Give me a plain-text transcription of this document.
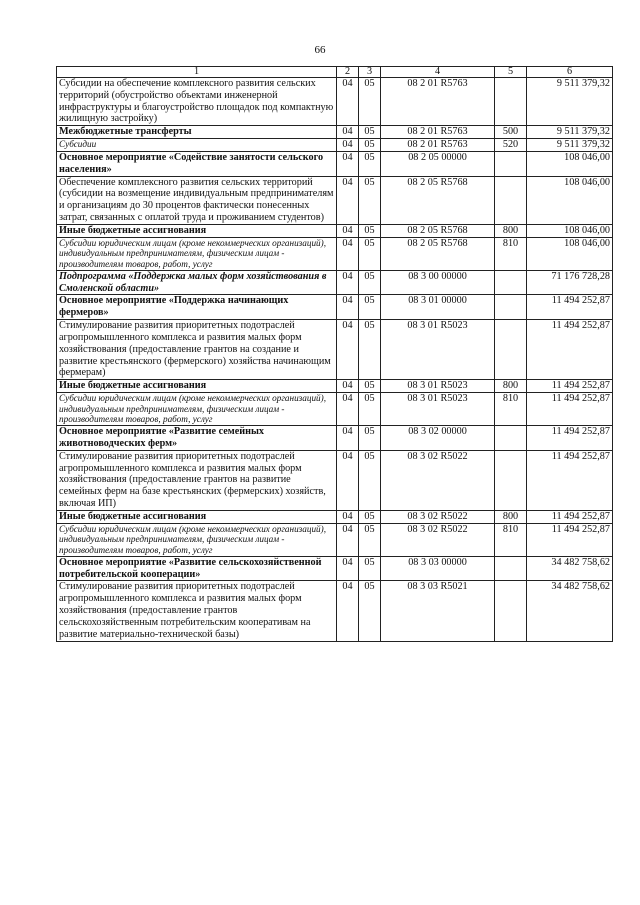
66
1	2	3	4	5	6
Субсидии на обеспечение комплексного развития сельских территорий (обустройство объектами инженерной инфраструктуры и благоустройство площадок под компактную жилищную застройку)	04	05	08 2 01 R5763		9 511 379,32
Межбюджетные трансферты	04	05	08 2 01 R5763	500	9 511 379,32
Субсидии	04	05	08 2 01 R5763	520	9 511 379,32
Основное мероприятие «Содействие занятости сельского населения»	04	05	08 2 05 00000		108 046,00
Обеспечение комплексного развития сельских территорий (субсидии на возмещение индивидуальным предпринимателям и организациям до 30 процентов фактически понесенных затрат, связанных с оплатой труда и проживанием студентов)	04	05	08 2 05 R5768		108 046,00
Иные бюджетные ассигнования	04	05	08 2 05 R5768	800	108 046,00
Субсидии юридическим лицам (кроме некоммерческих организаций), индивидуальным предпринимателям, физическим лицам - производителям товаров, работ, услуг	04	05	08 2 05 R5768	810	108 046,00
Подпрограмма «Поддержка малых форм хозяйствования в Смоленской области»	04	05	08 3 00 00000		71 176 728,28
Основное мероприятие «Поддержка начинающих фермеров»	04	05	08 3 01 00000		11 494 252,87
Стимулирование развития приоритетных подотраслей агропромышленного комплекса и развития малых форм хозяйствования (предоставление грантов на создание и развитие крестьянского (фермерского) хозяйства начинающим фермерам)	04	05	08 3 01 R5023		11 494 252,87
Иные бюджетные ассигнования	04	05	08 3 01 R5023	800	11 494 252,87
Субсидии юридическим лицам (кроме некоммерческих организаций), индивидуальным предпринимателям, физическим лицам - производителям товаров, работ, услуг	04	05	08 3 01 R5023	810	11 494 252,87
Основное мероприятие «Развитие семейных животноводческих ферм»	04	05	08 3 02 00000		11 494 252,87
Стимулирование развития приоритетных подотраслей агропромышленного комплекса и развития малых форм хозяйствования (предоставление грантов на развитие семейных ферм на базе крестьянских (фермерских) хозяйств, включая ИП)	04	05	08 3 02 R5022		11 494 252,87
Иные бюджетные ассигнования	04	05	08 3 02 R5022	800	11 494 252,87
Субсидии юридическим лицам (кроме некоммерческих организаций), индивидуальным предпринимателям, физическим лицам - производителям товаров, работ, услуг	04	05	08 3 02 R5022	810	11 494 252,87
Основное мероприятие «Развитие сельскохозяйственной потребительской кооперации»	04	05	08 3 03 00000		34 482 758,62
Стимулирование развития приоритетных подотраслей агропромышленного комплекса и развития малых форм хозяйствования (предоставление грантов сельскохозяйственным потребительским кооперативам на развитие материально-технической базы)	04	05	08 3 03 R5021		34 482 758,62
